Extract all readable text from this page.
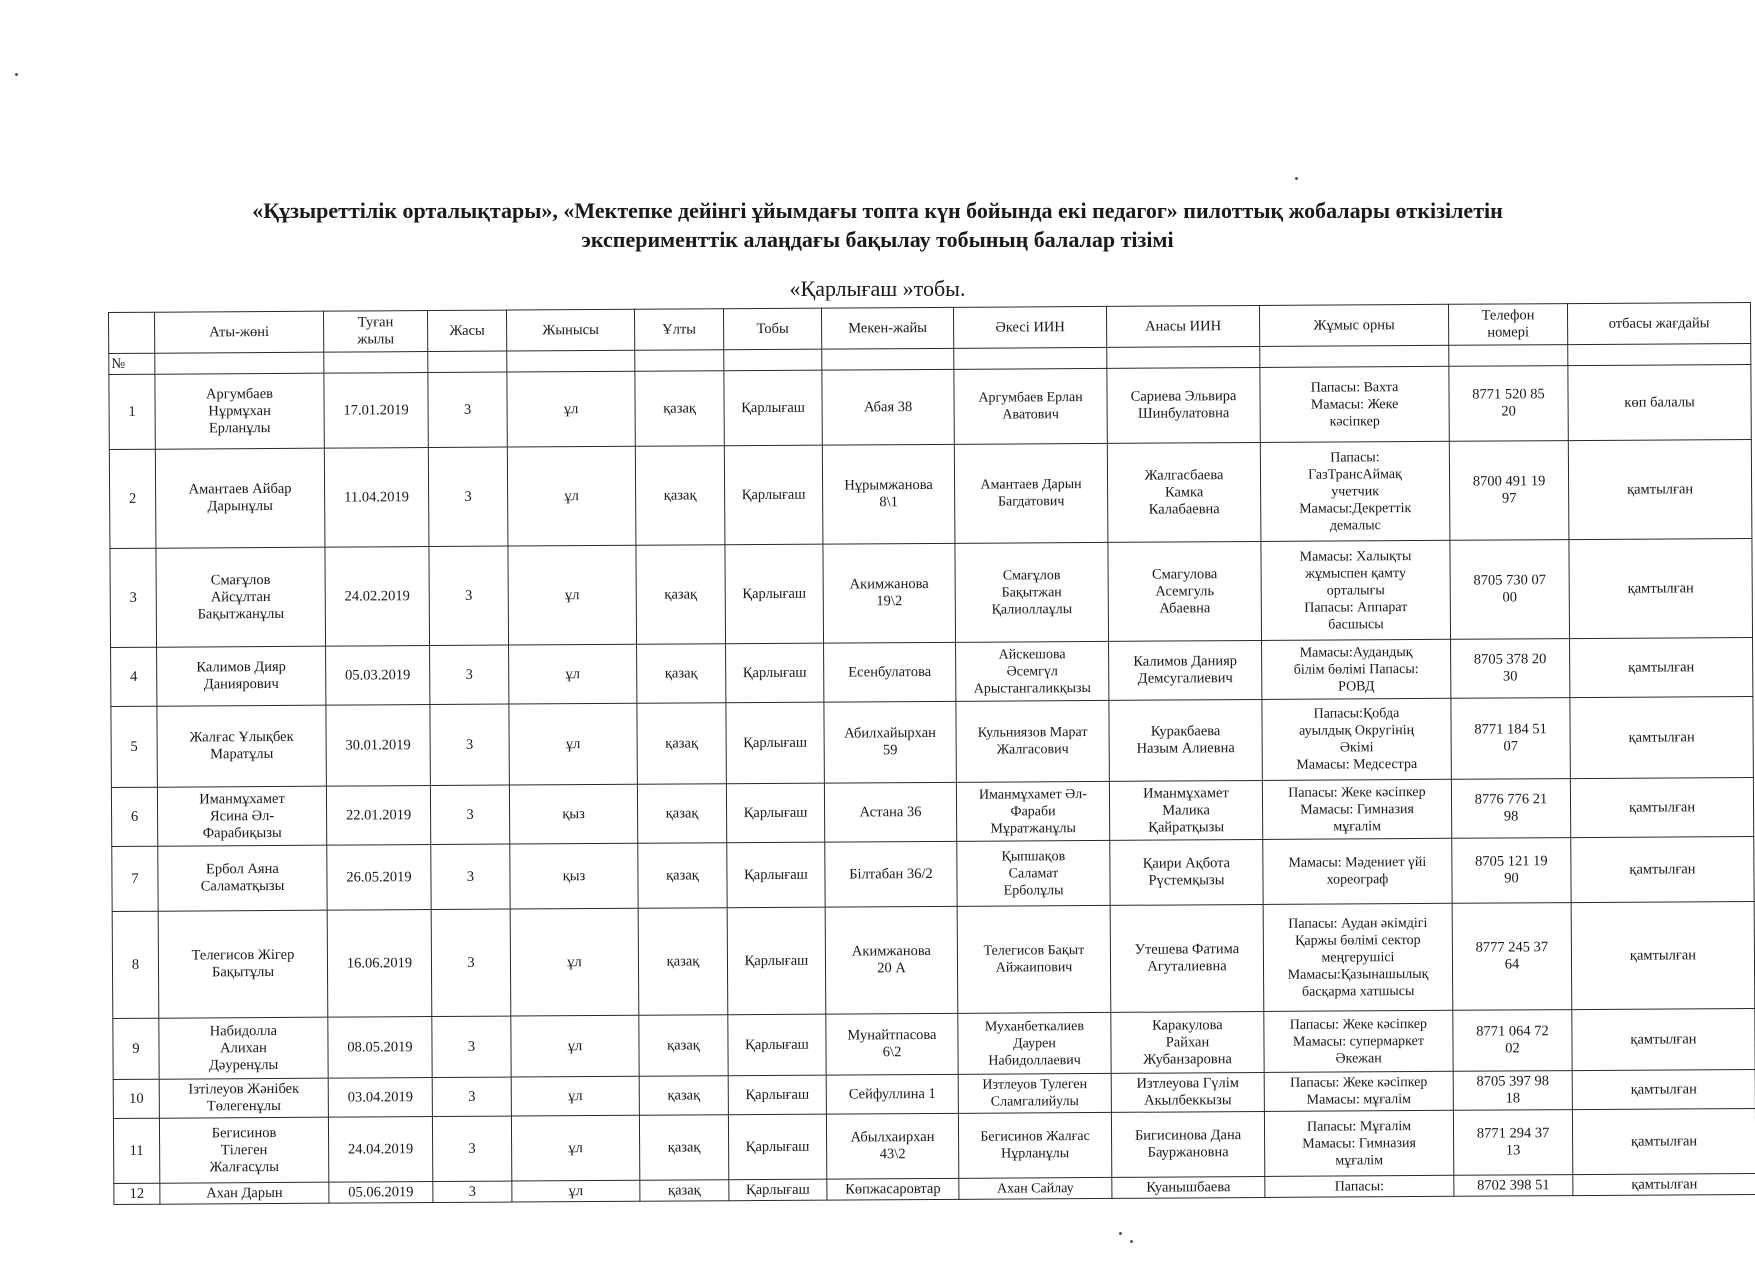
«Құзыреттілік орталықтары», «Мектепке дейінгі ұйымдағы топта күн бойында екі педагог» пилоттық жобалары өткізілетін
эксперименттік алаңдағы бақылау тобының балалар тізімі
«Қарлығаш »тобы.
	Аты-жөні	Туған
жылы	Жасы	Жынысы	Ұлты	Тобы	Мекен-жайы	Әкесі ИИН	Анасы ИИН	Жұмыс орны	Телефон
номері	отбасы жағдайы
№												
1	Аргумбаев
Нұрмұхан
Ерланұлы	17.01.2019	3	ұл	қазақ	Қарлығаш	Абая 38	Аргумбаев Ерлан
Аватович	Сариева Эльвира
Шинбулатовна	Папасы: Вахта
Мамасы: Жеке
кәсіпкер	8771 520 85
20	көп балалы
2	Амантаев Айбар
Дарынұлы	11.04.2019	3	ұл	қазақ	Қарлығаш	Нұрымжанова
8\1	Амантаев Дарын
Багдатович	Жалгасбаева
Камка
Калабаевна	Папасы:
ГазТрансАймақ
учетчик
Мамасы:Декреттік
демалыс	8700 491 19
97	қамтылған
3	Смағұлов
Айсұлтан
Бақытжанұлы	24.02.2019	3	ұл	қазақ	Қарлығаш	Акимжанова
19\2	Смағұлов
Бақытжан
Қалиоллаұлы	Смагулова
Асемгуль
Абаевна	Мамасы: Халықты
жұмыспен қамту
орталығы
Папасы: Аппарат
басшысы	8705 730 07
00	қамтылған
4	Калимов Дияр
Даниярович	05.03.2019	3	ұл	қазақ	Қарлығаш	Есенбулатова	Айскешова
Әсемгүл
Арыстангаликқызы	Калимов Данияр
Демсугалиевич	Мамасы:Аудандық
білім бөлімі Папасы:
РОВД	8705 378 20
30	қамтылған
5	Жалғас Ұлықбек
Маратұлы	30.01.2019	3	ұл	қазақ	Қарлығаш	Абилхайырхан
59	Кульниязов Марат
Жалгасович	Куракбаева
Назым Алиевна	Папасы:Қобда
ауылдық Округінің
Әкімі
Мамасы: Медсестра	8771 184 51
07	қамтылған
6	Иманмұхамет
Ясина Әл-
Фарабиқызы	22.01.2019	3	қыз	қазақ	Қарлығаш	Астана 36	Иманмұхамет Әл-
Фараби
Мұратжанұлы	Иманмұхамет
Малика
Қайратқызы	Папасы: Жеке кәсіпкер
Мамасы: Гимназия
мұғалім	8776 776 21
98	қамтылған
7	Ербол Аяна
Саламатқызы	26.05.2019	3	қыз	қазақ	Қарлығаш	Білтабан 36/2	Қыпшақов
Саламат
Ерболұлы	Қаири Ақбота
Рүстемқызы	Мамасы: Мәдениет үйі
хореограф	8705 121 19
90	қамтылған
8	Телегисов Жігер
Бақытұлы	16.06.2019	3	ұл	қазақ	Қарлығаш	Акимжанова
20 А	Телегисов Бақыт
Айжаипович	Утешева Фатима
Агуталиевна	Папасы: Аудан әкімдігі
Қаржы бөлімі сектор
меңгерушісі
Мамасы:Қазынашылық
басқарма хатшысы	8777 245 37
64	қамтылған
9	Набидолла
Алихан
Дәуренұлы	08.05.2019	3	ұл	қазақ	Қарлығаш	Мунайтпасова
6\2	Муханбеткалиев
Даурен
Набидоллаевич	Каракулова
Райхан
Жубанзаровна	Папасы: Жеке кәсіпкер
Мамасы: супермаркет
Әкежан	8771 064 72
02	қамтылған
10	Ізтілеуов Жәнібек
Төлегенұлы	03.04.2019	3	ұл	қазақ	Қарлығаш	Сейфуллина 1	Изтлеуов Тулеген
Сламгалийулы	Изтлеуова Гүлім
Акылбеккызы	Папасы: Жеке кәсіпкер
Мамасы: мұғалім	8705 397 98
18	қамтылған
11	Бегисинов
Тілеген
Жалғасұлы	24.04.2019	3	ұл	қазақ	Қарлығаш	Абылхаирхан
43\2	Бегисинов Жалғас
Нұрланұлы	Бигисинова Дана
Бауржановна	Папасы: Мұғалім
Мамасы: Гимназия
мұғалім	8771 294 37
13	қамтылған
12	Ахан Дарын	05.06.2019	3	ұл	қазақ	Қарлығаш	Көпжасаровтар	Ахан Сайлау	Куанышбаева	Папасы:	8702 398 51	қамтылған
